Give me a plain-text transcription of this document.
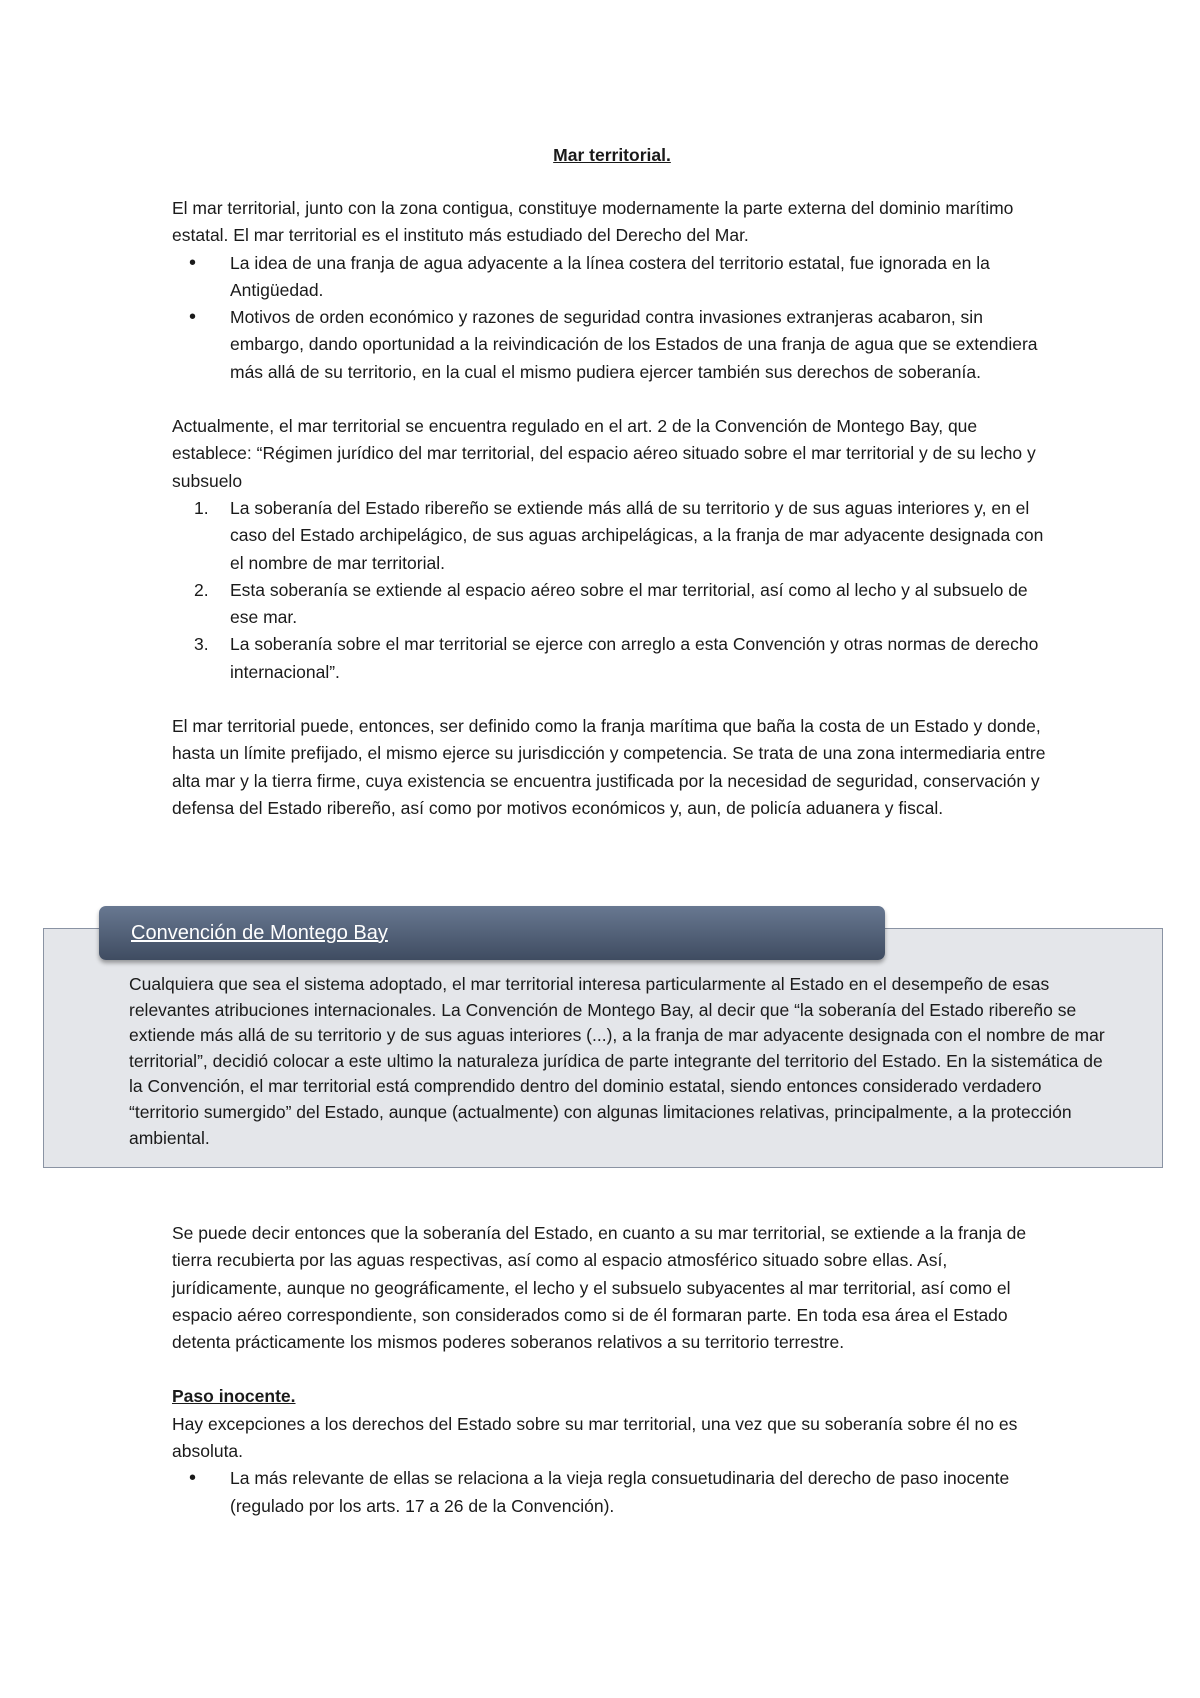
Mar territorial.

El mar territorial, junto con la zona contigua, constituye modernamente la parte externa del dominio marítimo estatal. El mar territorial es el instituto más estudiado del Derecho del Mar.

• La idea de una franja de agua adyacente a la línea costera del territorio estatal, fue ignorada en la Antigüedad.
• Motivos de orden económico y razones de seguridad contra invasiones extranjeras acabaron, sin embargo, dando oportunidad a la reivindicación de los Estados de una franja de agua que se extendiera más allá de su territorio, en la cual el mismo pudiera ejercer también sus derechos de soberanía.

Actualmente, el mar territorial se encuentra regulado en el art. 2 de la Convención de Montego Bay, que establece: “Régimen jurídico del mar territorial, del espacio aéreo situado sobre el mar territorial y de su lecho y subsuelo

1. La soberanía del Estado ribereño se extiende más allá de su territorio y de sus aguas interiores y, en el caso del Estado archipelágico, de sus aguas archipelágicas, a la franja de mar adyacente designada con el nombre de mar territorial.
2. Esta soberanía se extiende al espacio aéreo sobre el mar territorial, así como al lecho y al subsuelo de ese mar.
3. La soberanía sobre el mar territorial se ejerce con arreglo a esta Convención y otras normas de derecho internacional”.

El mar territorial puede, entonces, ser definido como la franja marítima que baña la costa de un Estado y donde, hasta un límite prefijado, el mismo ejerce su jurisdicción y competencia. Se trata de una zona intermediaria entre alta mar y la tierra firme, cuya existencia se encuentra justificada por la necesidad de seguridad, conservación y defensa del Estado ribereño, así como por motivos económicos y, aun, de policía aduanera y fiscal.

Convención de Montego Bay

Cualquiera que sea el sistema adoptado, el mar territorial interesa particularmente al Estado en el desempeño de esas relevantes atribuciones internacionales. La Convención de Montego Bay, al decir que “la soberanía del Estado ribereño se extiende más allá de su territorio y de sus aguas interiores (...), a la franja de mar adyacente designada con el nombre de mar territorial”, decidió colocar a este ultimo la naturaleza jurídica de parte integrante del territorio del Estado. En la sistemática de la Convención, el mar territorial está comprendido dentro del dominio estatal, siendo entonces considerado verdadero “territorio sumergido” del Estado, aunque (actualmente) con algunas limitaciones relativas, principalmente, a la protección ambiental.

Se puede decir entonces que la soberanía del Estado, en cuanto a su mar territorial, se extiende a la franja de tierra recubierta por las aguas respectivas, así como al espacio atmosférico situado sobre ellas. Así, jurídicamente, aunque no geográficamente, el lecho y el subsuelo subyacentes al mar territorial, así como el espacio aéreo correspondiente, son considerados como si de él formaran parte. En toda esa área el Estado detenta prácticamente los mismos poderes soberanos relativos a su territorio terrestre.

Paso inocente.

Hay excepciones a los derechos del Estado sobre su mar territorial, una vez que su soberanía sobre él no es absoluta.

• La más relevante de ellas se relaciona a la vieja regla consuetudinaria del derecho de paso inocente (regulado por los arts. 17 a 26 de la Convención).
